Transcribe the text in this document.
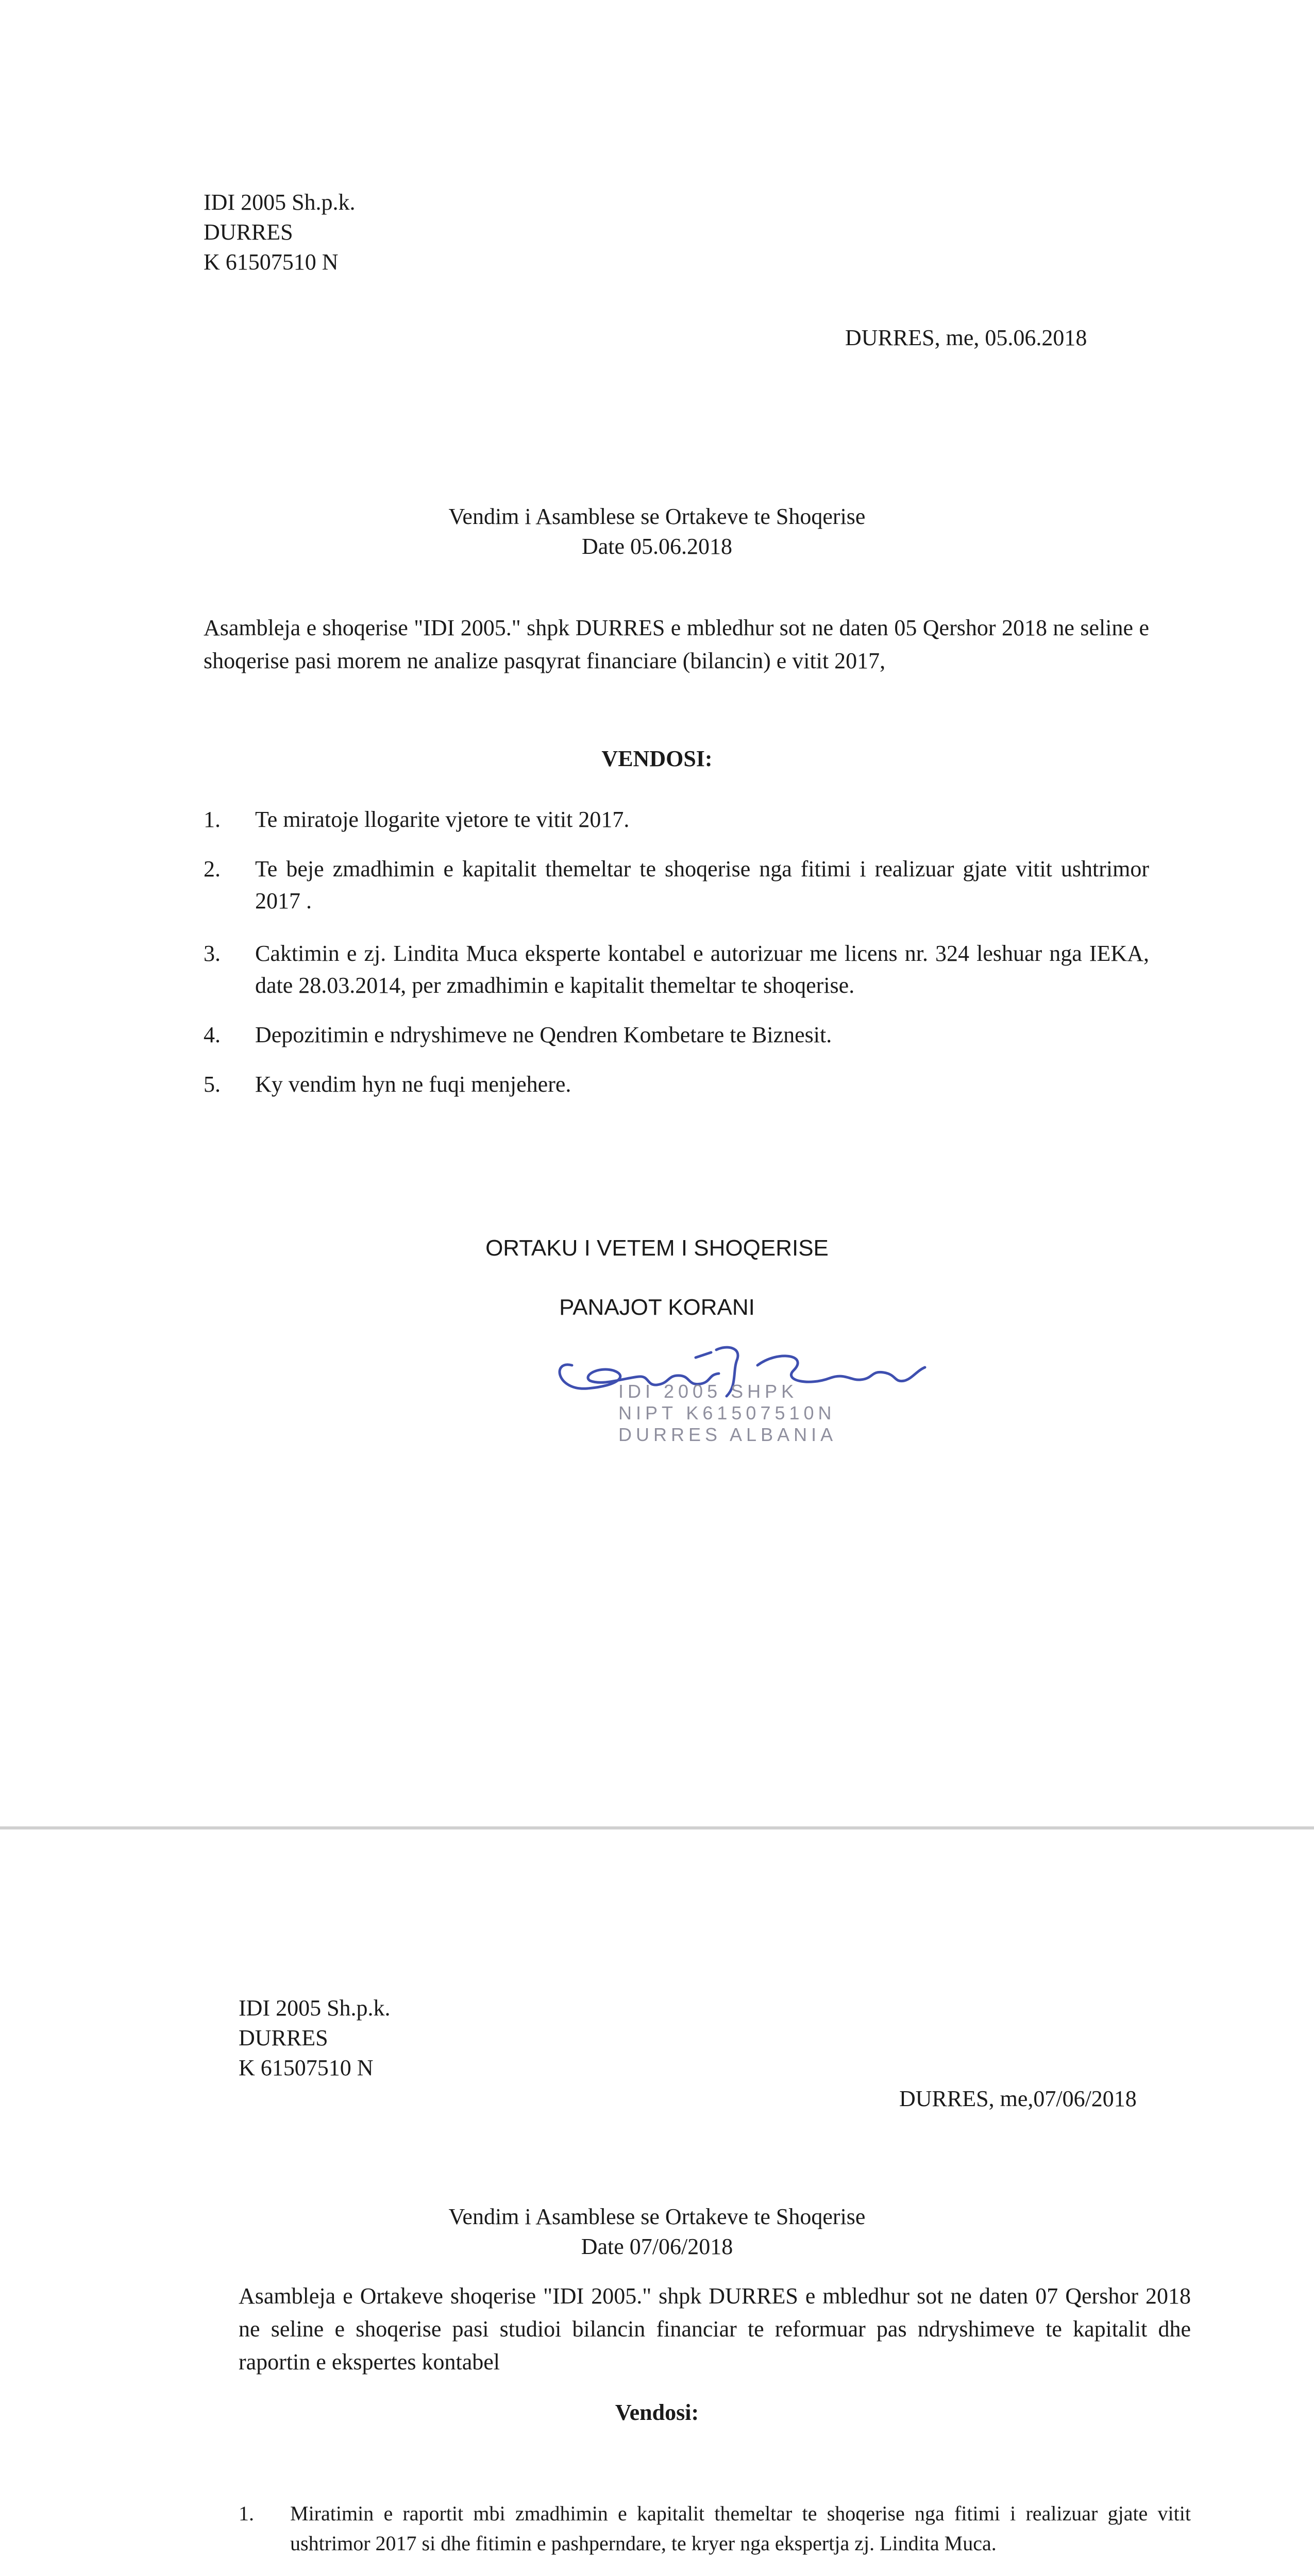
IDI 2005 Sh.p.k.
DURRES
K 61507510 N
DURRES, me, 05.06.2018
Vendim i Asamblese se Ortakeve te Shoqerise
Date 05.06.2018
Asambleja e shoqerise "IDI 2005." shpk DURRES e mbledhur sot ne daten 05 Qershor 2018 ne seline e shoqerise pasi morem ne analize pasqyrat financiare (bilancin) e vitit 2017,
VENDOSI:
1.	Te miratoje llogarite vjetore te vitit 2017.
2.	Te beje zmadhimin e kapitalit themeltar te shoqerise nga fitimi i realizuar gjate vitit ushtrimor 2017 .
3.	Caktimin e zj. Lindita Muca eksperte kontabel e autorizuar me licens nr. 324 leshuar nga IEKA, date 28.03.2014, per zmadhimin e kapitalit themeltar te shoqerise.
4.	Depozitimin e ndryshimeve ne Qendren Kombetare te Biznesit.
5.	Ky vendim hyn ne fuqi menjehere.
ORTAKU I VETEM I SHOQERISE
PANAJOT KORANI
IDI 2005 SHPK
NIPT K61507510N
DURRES ALBANIA
IDI 2005 Sh.p.k.
DURRES
K 61507510 N
DURRES, me,07/06/2018
Vendim i Asamblese se Ortakeve te Shoqerise
Date 07/06/2018
Asambleja e Ortakeve shoqerise "IDI 2005." shpk DURRES e mbledhur sot ne daten 07 Qershor 2018 ne seline e shoqerise pasi studioi bilancin financiar te reformuar pas ndryshimeve te kapitalit dhe raportin e ekspertes kontabel
Vendosi:
1.	Miratimin e raportit mbi zmadhimin e kapitalit themeltar te shoqerise nga fitimi i realizuar gjate vitit ushtrimor 2017 si dhe fitimin e pashperndare, te kryer nga ekspertja zj. Lindita Muca.
